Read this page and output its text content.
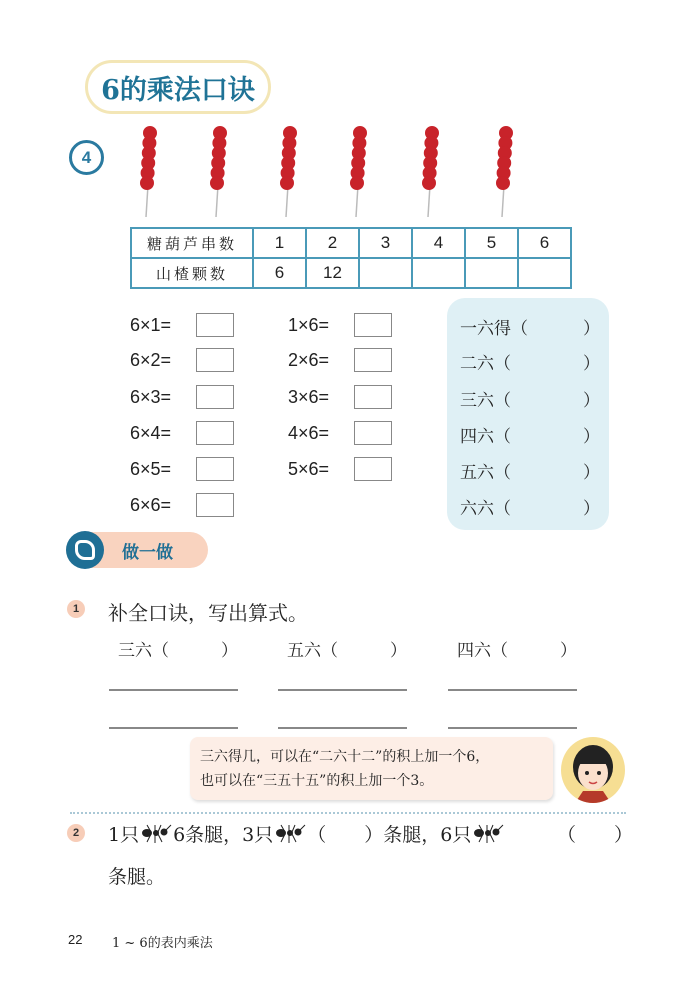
6的乘法口诀
4
糖葫芦串数	1	2	3	4	5	6
山楂颗数	6	12				
做一做
1 补全口诀，写出算式。
三六得几，可以在“二六十二”的积上加一个6，
也可以在“三五十五”的积上加一个3。
2	1只 6条腿，3只 （　　）条腿，6只	（　　）
条腿。
22 1 ~ 6的表内乘法
6×1=
6×2=
6×3=
6×4=
6×5=
6×6=
1×6=
2×6=
3×6=
4×6=
5×6=
一六得（	）
二六（	）
三六（	）
四六（	）
五六（	）
六六（	）
三六（	）	五六（	）	四六（	）
